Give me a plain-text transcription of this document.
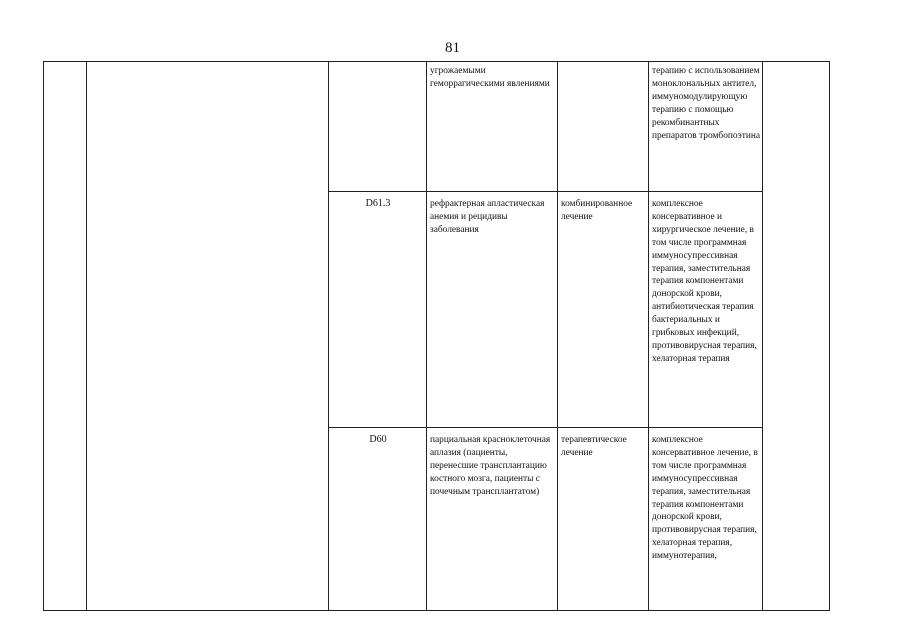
81
			угрожаемыми геморрагическими явлениями		терапию с использованием моноклональных антител, иммуномодулирующую терапию с помощью рекомбинантных препаратов тромбопоэтина	
		D61.3	рефрактерная апластическая анемия и рецидивы заболевания	комбинированное лечение	комплексное консервативное и хирургическое лечение, в том числе программная иммуносупрессивная терапия, заместительная терапия компонентами донорской крови, антибиотическая терапия бактериальных и грибковых инфекций, противовирусная терапия, хелаторная терапия	
		D60	парциальная красноклеточная аплазия (пациенты, перенесшие трансплантацию костного мозга, пациенты с почечным трансплантатом)	терапевтическое лечение	комплексное консервативное лечение, в том числе программная иммуносупрессивная терапия, заместительная терапия компонентами донорской крови, противовирусная терапия, хелаторная терапия, иммунотерапия,	
